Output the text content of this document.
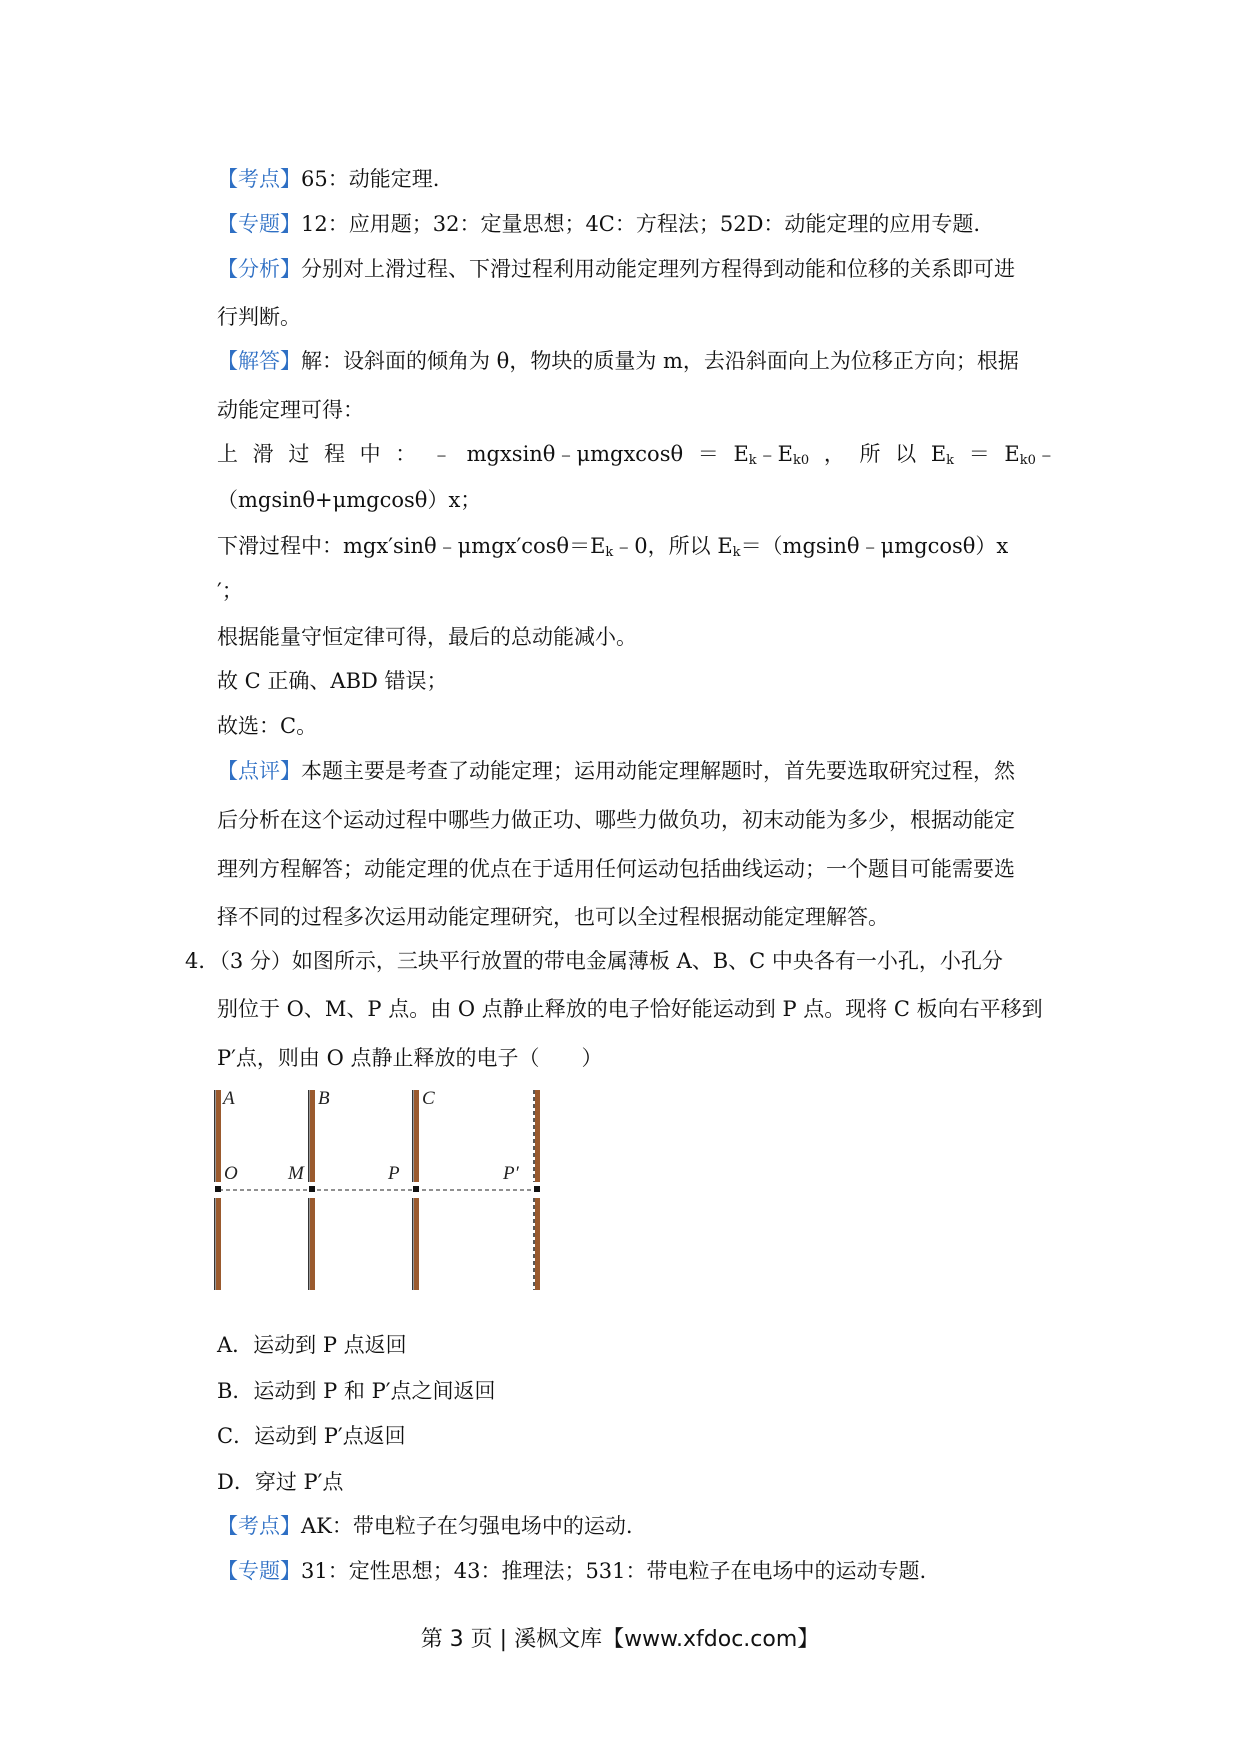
【考点】65：动能定理.
【专题】12：应用题；32：定量思想；4C：方程法；52D：动能定理的应用专题.
【分析】分别对上滑过程、下滑过程利用动能定理列方程得到动能和位移的关系即可进
行判断。
【解答】解：设斜面的倾角为 θ，物块的质量为 m，去沿斜面向上为位移正方向；根据
动能定理可得：
上 滑 过 程 中 ： ﹣ mgxsinθ﹣μmgxcosθ ＝ $E_k﹣E_{k0}$ ， 所 以 $E_k$ ＝ $E_{k0}﹣$
（mgsinθ+μmgcosθ）x；
下滑过程中：$mgx'\sin\theta﹣\mu mgx'\cos\theta=E_k﹣0$，所以 $E_k=(mgsin\theta﹣\mu mgcos\theta)x$
′；
根据能量守恒定律可得，最后的总动能减小。
故 C 正确、ABD 错误；
故选：C。
【点评】本题主要是考查了动能定理；运用动能定理解题时，首先要选取研究过程，然
后分析在这个运动过程中哪些力做正功、哪些力做负功，初末动能为多少，根据动能定
理列方程解答；动能定理的优点在于适用任何运动包括曲线运动；一个题目可能需要选
择不同的过程多次运用动能定理研究，也可以全过程根据动能定理解答。
4．（3 分）如图所示，三块平行放置的带电金属薄板 A、B、C 中央各有一小孔，小孔分
别位于 O、M、P 点。由 O 点静止释放的电子恰好能运动到 P 点。现将 C 板向右平移到
P′点，则由 O 点静止释放的电子（　　）
A	B	C
O	M	P	P′
A．运动到 P 点返回
B．运动到 P 和 P′点之间返回
C．运动到 P′点返回
D．穿过 P′点
【考点】AK：带电粒子在匀强电场中的运动.
【专题】31：定性思想；43：推理法；531：带电粒子在电场中的运动专题.
第 3 页 | 溪枫文库【www.xfdoc.com】
